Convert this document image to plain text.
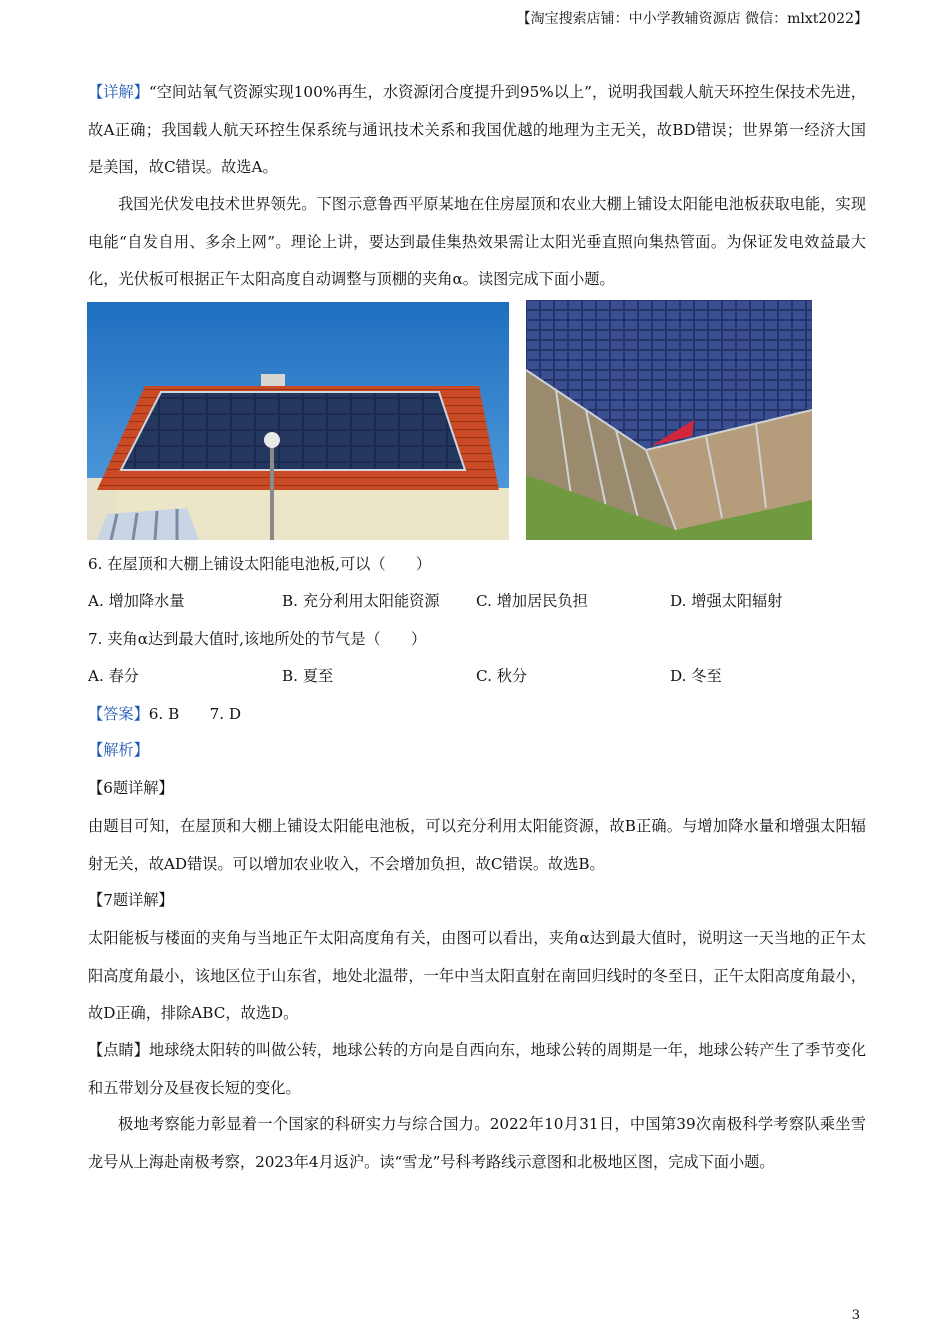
【淘宝搜索店铺：中小学教辅资源店 微信：mlxt2022】
【详解】“空间站氧气资源实现100%再生，水资源闭合度提升到95%以上”，说明我国载人航天环控生保技术先进，故A正确；我国载人航天环控生保系统与通讯技术关系和我国优越的地理为主无关，故BD错误；世界第一经济大国是美国，故C错误。故选A。
我国光伏发电技术世界领先。下图示意鲁西平原某地在住房屋顶和农业大棚上铺设太阳能电池板获取电能，实现电能“自发自用、多余上网”。理论上讲，要达到最佳集热效果需让太阳光垂直照向集热管面。为保证发电效益最大化，光伏板可根据正午太阳高度自动调整与顶棚的夹角α。读图完成下面小题。
6. 在屋顶和大棚上铺设太阳能电池板,可以（　　）
A. 增加降水量	B. 充分利用太阳能资源 C. 增加居民负担	D. 增强太阳辐射
7. 夹角α达到最大值时,该地所处的节气是（　　）
A. 春分	B. 夏至	C. 秋分	D. 冬至
【答案】6. B　　7. D
【解析】
【6题详解】
由题目可知，在屋顶和大棚上铺设太阳能电池板，可以充分利用太阳能资源，故B正确。与增加降水量和增强太阳辐射无关，故AD错误。可以增加农业收入，不会增加负担，故C错误。故选B。
【7题详解】
太阳能板与楼面的夹角与当地正午太阳高度角有关，由图可以看出，夹角α达到最大值时，说明这一天当地的正午太阳高度角最小，该地区位于山东省，地处北温带，一年中当太阳直射在南回归线时的冬至日，正午太阳高度角最小，故D正确，排除ABC，故选D。
【点睛】地球绕太阳转的叫做公转，地球公转的方向是自西向东，地球公转的周期是一年，地球公转产生了季节变化和五带划分及昼夜长短的变化。
极地考察能力彰显着一个国家的科研实力与综合国力。2022年10月31日，中国第39次南极科学考察队乘坐雪龙号从上海赴南极考察，2023年4月返沪。读“雪龙”号科考路线示意图和北极地区图，完成下面小题。
3
